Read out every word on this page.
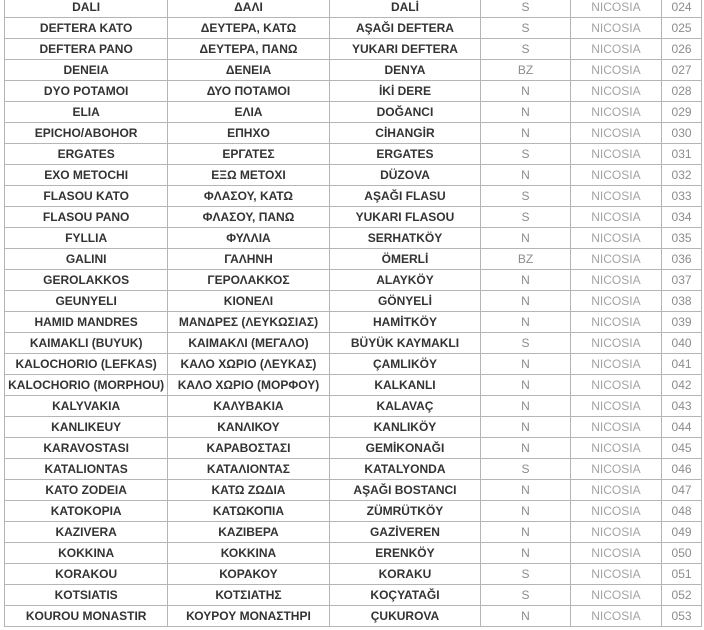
DALI	ΔΑΛΙ	DALİ	S	NICOSIA	024
DEFTERA KATO	ΔΕΥΤΕΡΑ, ΚΑΤΩ	AŞAĞI DEFTERA	S	NICOSIA	025
DEFTERA PANO	ΔΕΥΤΕΡΑ, ΠΑΝΩ	YUKARI DEFTERA	S	NICOSIA	026
DENEIA	ΔΕΝΕΙΑ	DENYA	BZ	NICOSIA	027
DYO POTAMOI	ΔΥΟ ΠΟΤΑΜΟΙ	İKİ DERE	N	NICOSIA	028
ELIA	ΕΛΙΑ	DOĞANCI	N	NICOSIA	029
EPICHO/ABOHOR	ΕΠΗΧΟ	CİHANGİR	N	NICOSIA	030
ERGATES	ΕΡΓΑΤΕΣ	ERGATES	S	NICOSIA	031
EXO METOCHI	ΕΞΩ ΜΕΤΟΧΙ	DÜZOVA	N	NICOSIA	032
FLASOU KATO	ΦΛΑΣΟΥ, ΚΑΤΩ	AŞAĞI FLASU	S	NICOSIA	033
FLASOU PANO	ΦΛΑΣΟΥ, ΠΑΝΩ	YUKARI FLASOU	S	NICOSIA	034
FYLLIA	ΦΥΛΛΙΑ	SERHATKÖY	N	NICOSIA	035
GALINI	ΓΑΛΗΝΗ	ÖMERLİ	BZ	NICOSIA	036
GEROLAKKOS	ΓΕΡΟΛΑΚΚΟΣ	ALAYKÖY	N	NICOSIA	037
GEUNYELI	ΚΙΟΝΕΛΙ	GÖNYELİ	N	NICOSIA	038
HAMID MANDRES	ΜΑΝΔΡΕΣ (ΛΕΥΚΩΣΙΑΣ)	HAMİTKÖY	N	NICOSIA	039
KAIMAKLI (BUYUK)	ΚΑΙΜΑΚΛΙ (ΜΕΓΑΛΟ)	BÜYÜK KAYMAKLI	S	NICOSIA	040
KALOCHORIO (LEFKAS)	ΚΑΛΟ ΧΩΡΙΟ (ΛΕΥΚΑΣ)	ÇAMLIKÖY	N	NICOSIA	041
KALOCHORIO (MORPHOU)	ΚΑΛΟ ΧΩΡΙΟ (ΜΟΡΦΟΥ)	KALKANLI	N	NICOSIA	042
KALYVAKIA	ΚΑΛΥΒΑΚΙΑ	KALAVAÇ	N	NICOSIA	043
KANLIKEUY	ΚΑΝΛΙΚΟΥ	KANLIKÖY	N	NICOSIA	044
KARAVOSTASI	ΚΑΡΑΒΟΣΤΑΣΙ	GEMİKONAĞI	N	NICOSIA	045
KATALIONTAS	ΚΑΤΑΛΙΟΝΤΑΣ	KATALYONDA	S	NICOSIA	046
KATO ZODEIA	ΚΑΤΩ ΖΩΔΙΑ	AŞAĞI BOSTANCI	N	NICOSIA	047
KATOKOPIA	ΚΑΤΩΚΟΠΙΑ	ZÜMRÜTKÖY	N	NICOSIA	048
KAZIVERA	ΚΑΖΙΒΕΡΑ	GAZİVEREN	N	NICOSIA	049
KOKKINA	ΚΟΚΚΙΝΑ	ERENKÖY	N	NICOSIA	050
KORAKOU	ΚΟΡΑΚΟΥ	KORAKU	S	NICOSIA	051
KOTSIATIS	ΚΟΤΣΙΑΤΗΣ	KOÇYATAĞI	S	NICOSIA	052
KOUROU MONASTIR	ΚΟΥΡΟΥ ΜΟΝΑΣΤΗΡΙ	ÇUKUROVA	N	NICOSIA	053
